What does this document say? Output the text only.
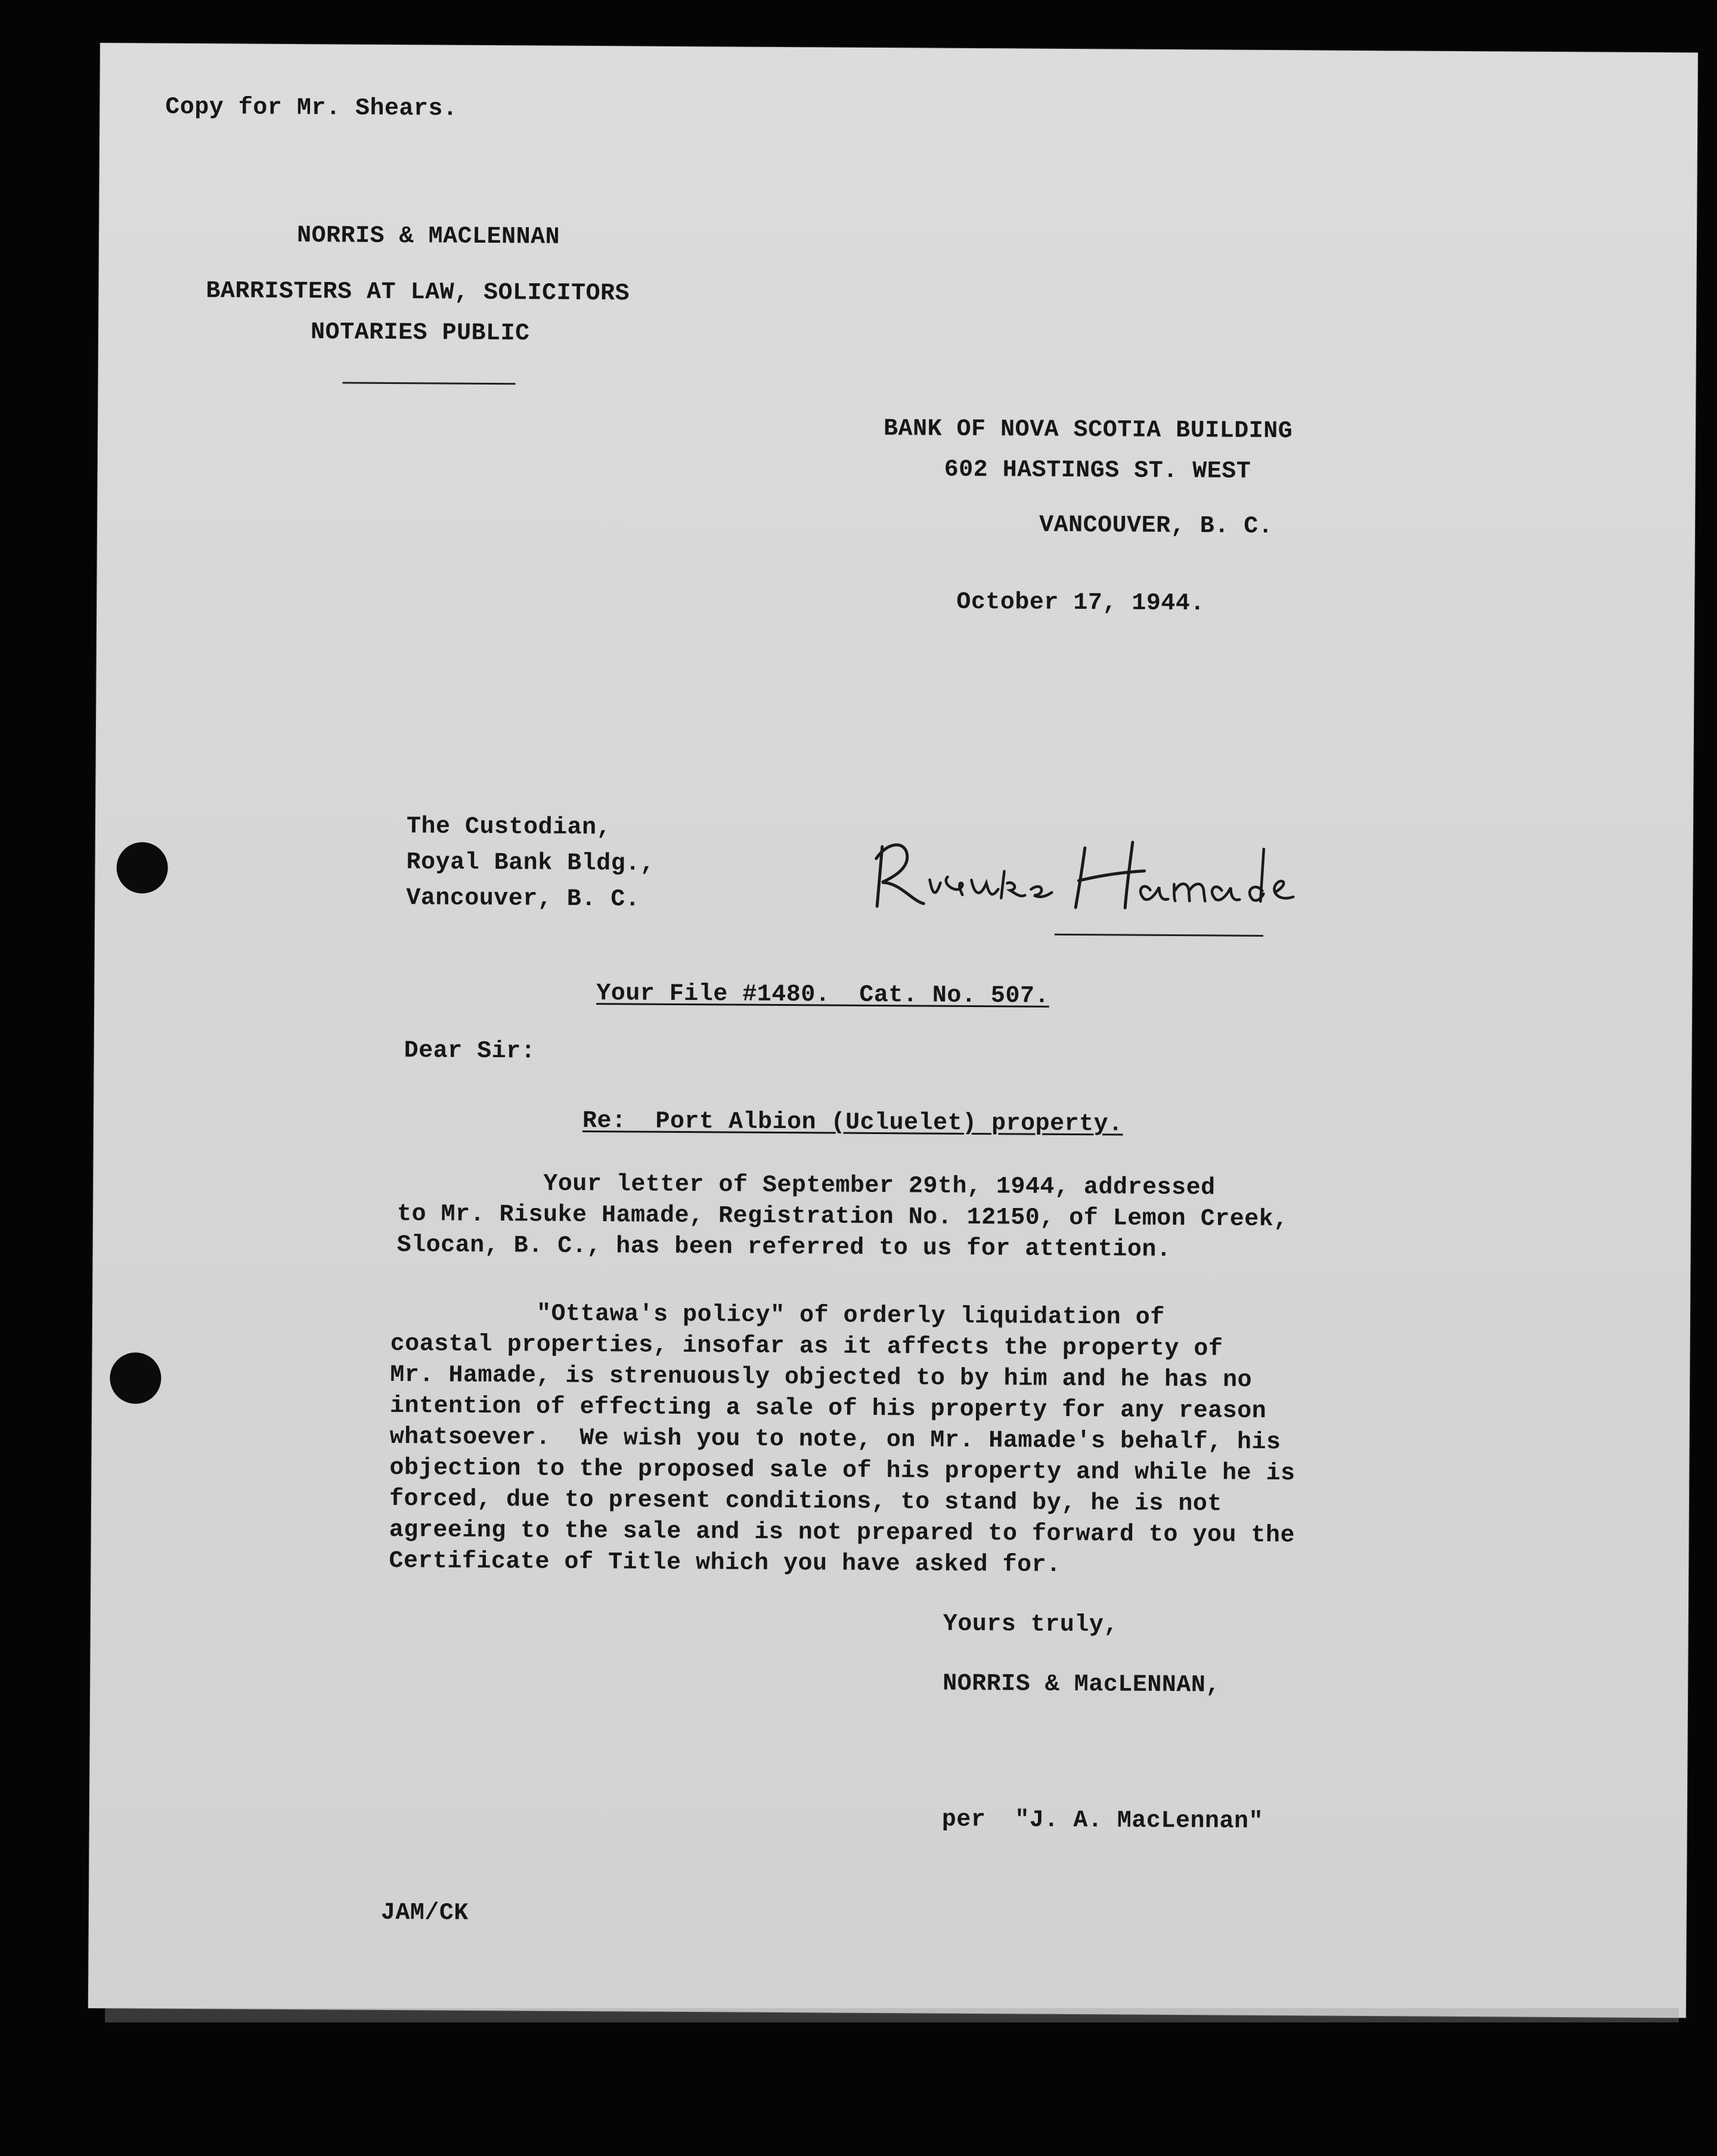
Copy for Mr. Shears.
NORRIS & MACLENNAN
BARRISTERS AT LAW, SOLICITORS
NOTARIES PUBLIC
BANK OF NOVA SCOTIA BUILDING
602 HASTINGS ST. WEST
VANCOUVER, B. C.
October 17, 1944.
The Custodian,
Royal Bank Bldg.,
Vancouver, B. C.
Your File #1480.  Cat. No. 507.
Dear Sir:
Re:  Port Albion (Ucluelet) property.
Your letter of September 29th, 1944, addressed
to Mr. Risuke Hamade, Registration No. 12150, of Lemon Creek,
Slocan, B. C., has been referred to us for attention.
"Ottawa's policy" of orderly liquidation of
coastal properties, insofar as it affects the property of
Mr. Hamade, is strenuously objected to by him and he has no
intention of effecting a sale of his property for any reason
whatsoever.  We wish you to note, on Mr. Hamade's behalf, his
objection to the proposed sale of his property and while he is
forced, due to present conditions, to stand by, he is not
agreeing to the sale and is not prepared to forward to you the
Certificate of Title which you have asked for.
Yours truly,
NORRIS & MacLENNAN,
per  "J. A. MacLennan"
JAM/CK
